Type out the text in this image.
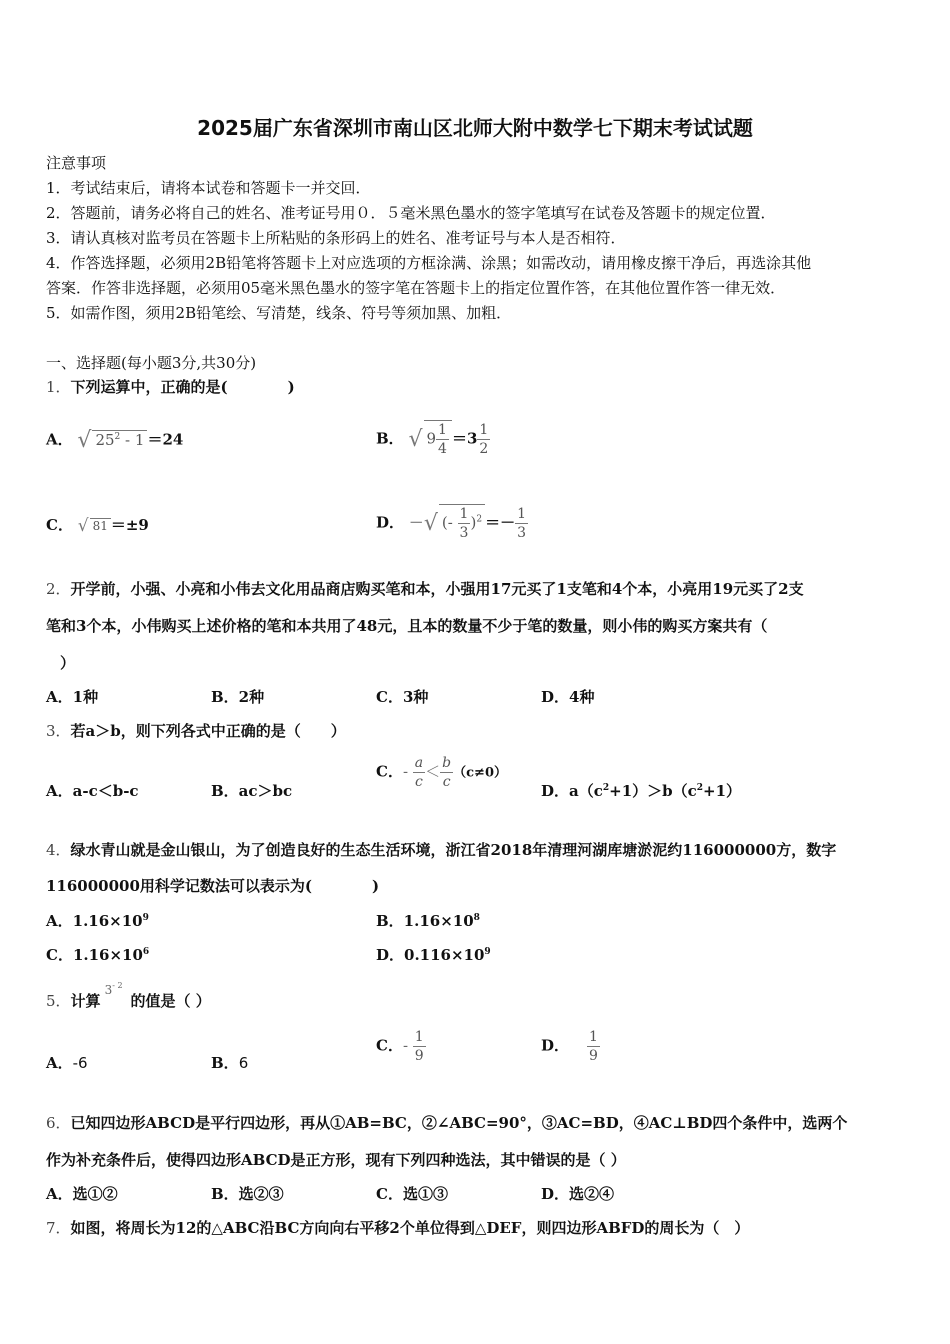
2025届广东省深圳市南山区北师大附中数学七下期末考试试题
注意事项
1．考试结束后，请将本试卷和答题卡一并交回．
2．答题前，请务必将自己的姓名、准考证号用０．５毫米黑色墨水的签字笔填写在试卷及答题卡的规定位置．
3．请认真核对监考员在答题卡上所粘贴的条形码上的姓名、准考证号与本人是否相符．
4．作答选择题，必须用2B铅笔将答题卡上对应选项的方框涂满、涂黑；如需改动，请用橡皮擦干净后，再选涂其他
答案．作答非选择题，必须用05毫米黑色墨水的签字笔在答题卡上的指定位置作答，在其他位置作答一律无效．
5．如需作图，须用2B铅笔绘、写清楚，线条、符号等须加黑、加粗．
一、选择题(每小题3分,共30分)
1．下列运算中，正确的是(　　　　)
A． √ $25^2 - 1 =24$	B． √ $9 \frac{1}{4} =3 \frac{1}{2}$
C． √ 81 ＝±9	D． －√ (- $\frac{1}{3} )^2 =- \frac{1}{3}$
2．开学前，小强、小亮和小伟去文化用品商店购买笔和本，小强用17元买了1支笔和4个本，小亮用19元买了2支
笔和3个本，小伟购买上述价格的笔和本共用了48元，且本的数量不少于笔的数量，则小伟的购买方案共有（
）
A．1种	B．2种	C．3种	D．4种
3．若a＞b，则下列各式中正确的是（　　）
A．a-c＜b-c	B．ac＞bc
C．- $\frac{a}{c} < \frac{b}{c} (c\ne 0)$
D．$a(c^2+1)>b(c^2+1)$
4．绿水青山就是金山银山，为了创造良好的生态生活环境，浙江省2018年清理河湖库塘淤泥约116000000方，数字
116000000用科学记数法可以表示为(　　　　)
A．$1.16\times 10^9$	B．$1.16\times 10^8$
C．$1.16\times 10^6$	D．$0.116\times 10^9$
5．计算$^{3- 2}$的值是（ ）
A．-6	B．6
C．- $\frac{1}{9}$	D． $\frac{1}{9}$
6．已知四边形ABCD是平行四边形，再从①AB=BC，②∠ABC=90°，③AC=BD，④AC⊥BD四个条件中，选两个
作为补充条件后，使得四边形ABCD是正方形，现有下列四种选法，其中错误的是（ ）
A．选①②	B．选②③	C．选①③	D．选②④
7．如图，将周长为12的△ABC沿BC方向向右平移2个单位得到△DEF，则四边形ABFD的周长为（　）
